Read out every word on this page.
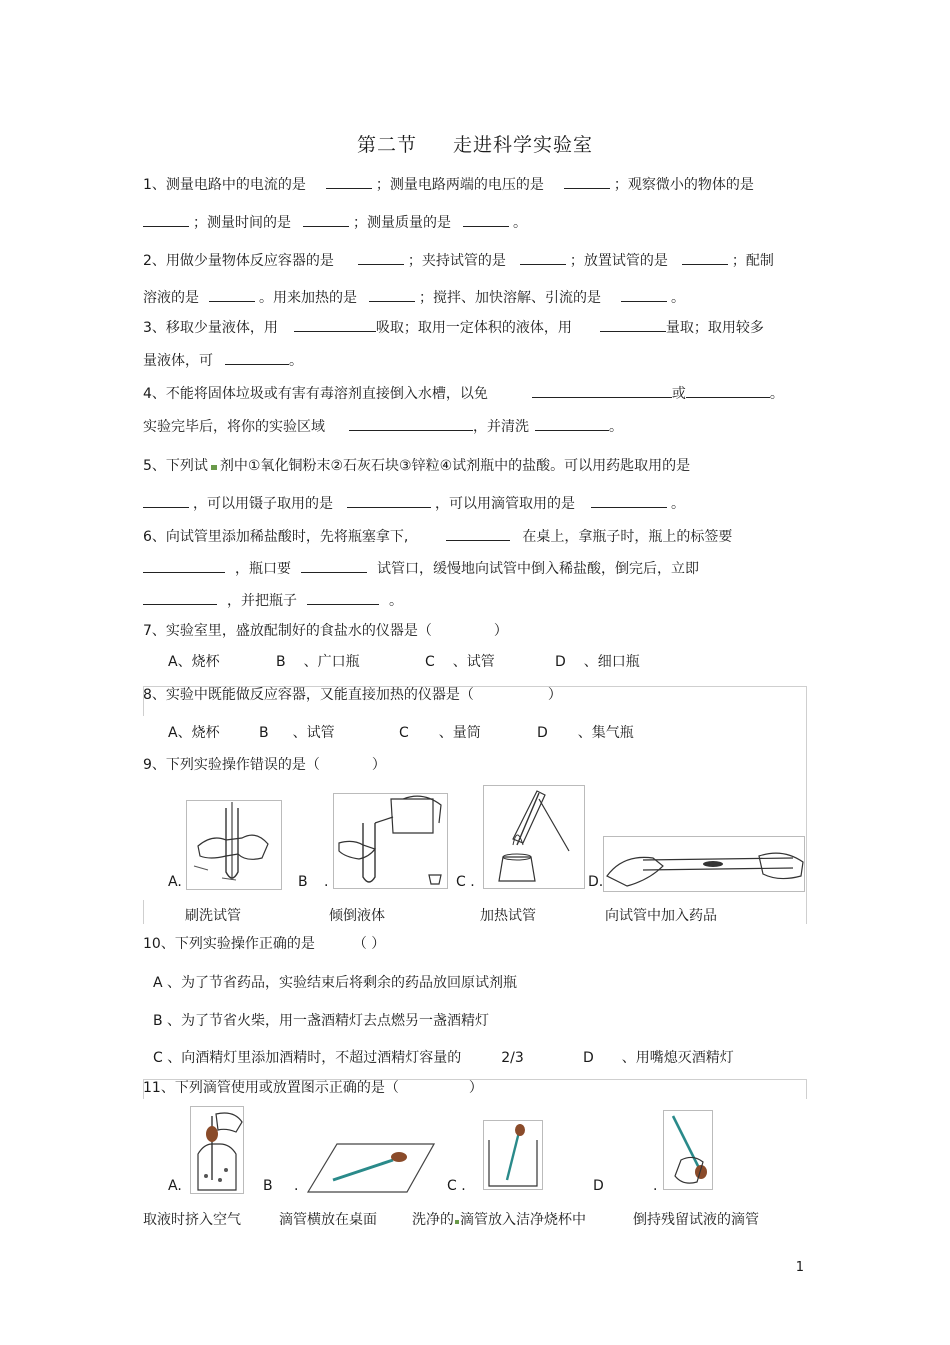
第二节 走进科学实验室
1、测量电路中的电流的是	；测量电路两端的电压的是	；观察微小的物体的是
；测量时间的是	；测量质量的是	。
2、用做少量物体反应容器的是	；夹持试管的是	；放置试管的是	；配制
溶液的是	。用来加热的是	；搅拌、加快溶解、引流的是	。
3、移取少量液体，用	吸取；取用一定体积的液体，用	量取；取用较多
量液体，可	。
4、不能将固体垃圾或有害有毒溶剂直接倒入水槽，以免	或	。
实验完毕后，将你的实验区域	，并清洗	。
5、下列试 剂中①氧化铜粉末②石灰石块③锌粒④试剂瓶中的盐酸。可以用药匙取用的是
，可以用镊子取用的是	，可以用滴管取用的是	。
6、向试管里添加稀盐酸时，先将瓶塞拿下,	在桌上，拿瓶子时，瓶上的标签要
，瓶口要	试管口，缓慢地向试管中倒入稀盐酸，倒完后，立即
，并把瓶子	。
7、实验室里，盛放配制好的食盐水的仪器是（	）
A、烧杯	B 、广口瓶	C 、试管	D 、细口瓶
8、实验中既能做反应容器，又能直接加热的仪器是（	）
A、烧杯	B 、试管	C 、量筒	D 、集气瓶
9、下列实验操作错误的是（	）
A.	B .	C .	D.
刷洗试管	倾倒液体	加热试管	向试管中加入药品
10、下列实验操作正确的是	（ ）
A 、为了节省药品，实验结束后将剩余的药品放回原试剂瓶
B 、为了节省火柴，用一盏酒精灯去点燃另一盏酒精灯
C 、向酒精灯里添加酒精时，不超过酒精灯容量的	2/3	D 、用嘴熄灭酒精灯
11、下列滴管使用或放置图示正确的是（	）
A.	B .	C .	D	.
取液时挤入空气	滴管横放在桌面	洗净的 滴管放入洁净烧杯中	倒持残留试液的滴管
1
